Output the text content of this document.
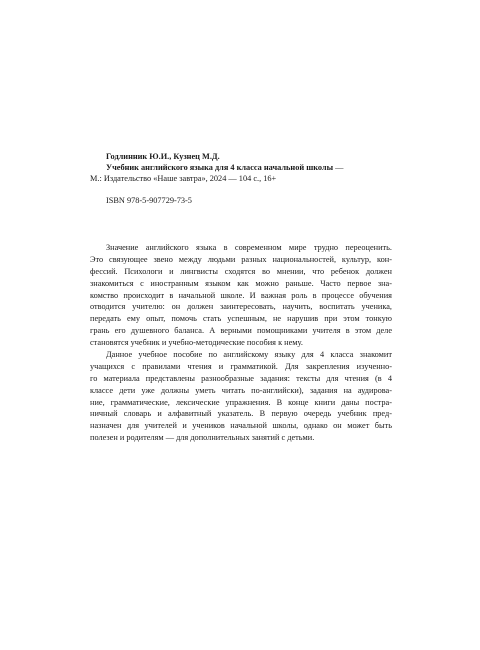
Годлинник Ю.И., Кузнец М.Д.
Учебник английского языка для 4 класса начальной школы —
М.: Издательство «Наше завтра», 2024 — 104 с., 16+
ISBN 978-5-907729-73-5
Значение английского языка в современном мире трудно переоценить.
Это связующее звено между людьми разных национальностей, культур, кон-
фессий. Психологи и лингвисты сходятся во мнении, что ребенок должен
знакомиться с иностранным языком как можно раньше. Часто первое зна-
комство происходит в начальной школе. И важная роль в процессе обучения
отводится учителю: он должен заинтересовать, научить, воспитать ученика,
передать ему опыт, помочь стать успешным, не нарушив при этом тонкую
грань его душевного баланса. А верными помощниками учителя в этом деле
становятся учебник и учебно-методические пособия к нему.
Данное учебное пособие по английскому языку для 4 класса знакомит
учащихся с правилами чтения и грамматикой. Для закрепления изученно-
го материала представлены разнообразные задания: тексты для чтения (в 4
классе дети уже должны уметь читать по-английски), задания на аудирова-
ние, грамматические, лексические упражнения. В конце книги даны постра-
ничный словарь и алфавитный указатель. В первую очередь учебник пред-
назначен для учителей и учеников начальной школы, однако он может быть
полезен и родителям — для дополнительных занятий с детьми.
